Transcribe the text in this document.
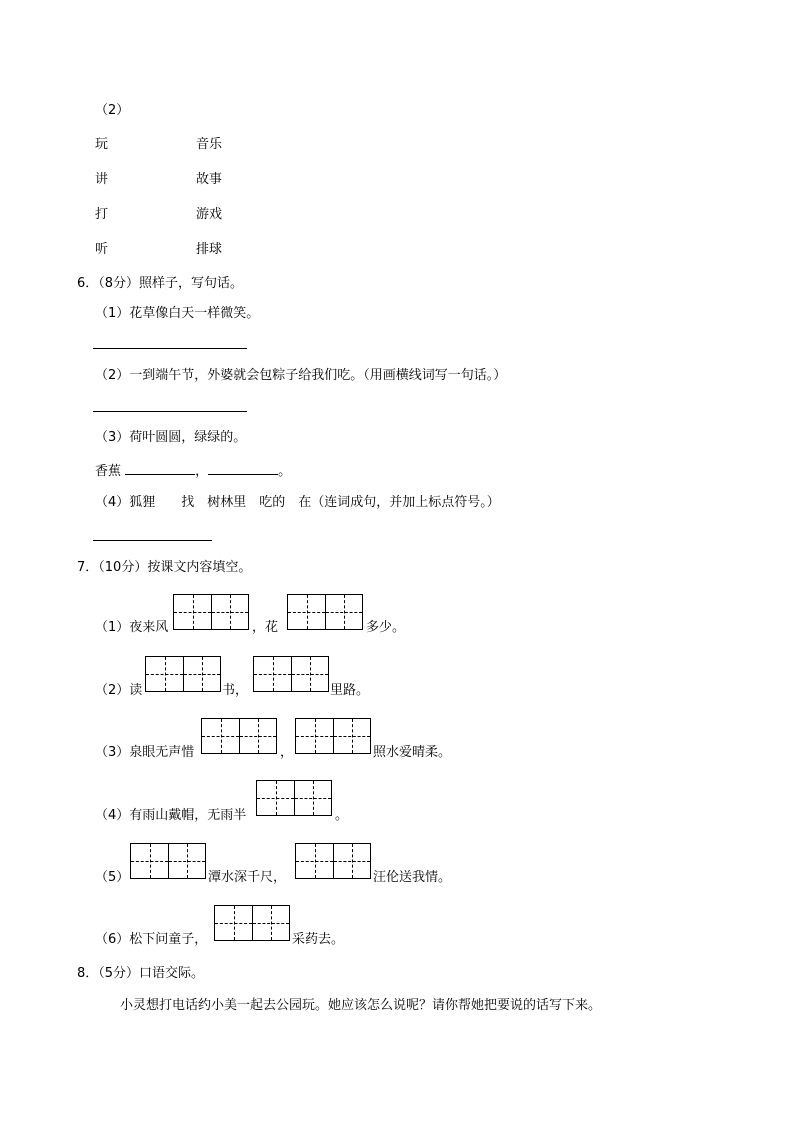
（2）
玩	音乐
讲	故事
打	游戏
听	排球
6．（8分）照样子，写句话。
（1）花草像白天一样微笑。
（2）一到端午节，外婆就会包粽子给我们吃。（用画横线词写一句话。）
（3）荷叶圆圆，绿绿的。
香蕉	，	。
（4）狐狸　　找　树林里　吃的　在（连词成句，并加上标点符号。）
7．（10分）按课文内容填空。
（1）夜来风	，花	多少。
（2）读	书，	里路。
（3）泉眼无声惜	，	照水爱晴柔。
（4）有雨山戴帽，无雨半	。
（5）	潭水深千尺，	汪伦送我情。
（6）松下问童子，	采药去。
8．（5分）口语交际。
小灵想打电话约小美一起去公园玩。她应该怎么说呢？请你帮她把要说的话写下来。
